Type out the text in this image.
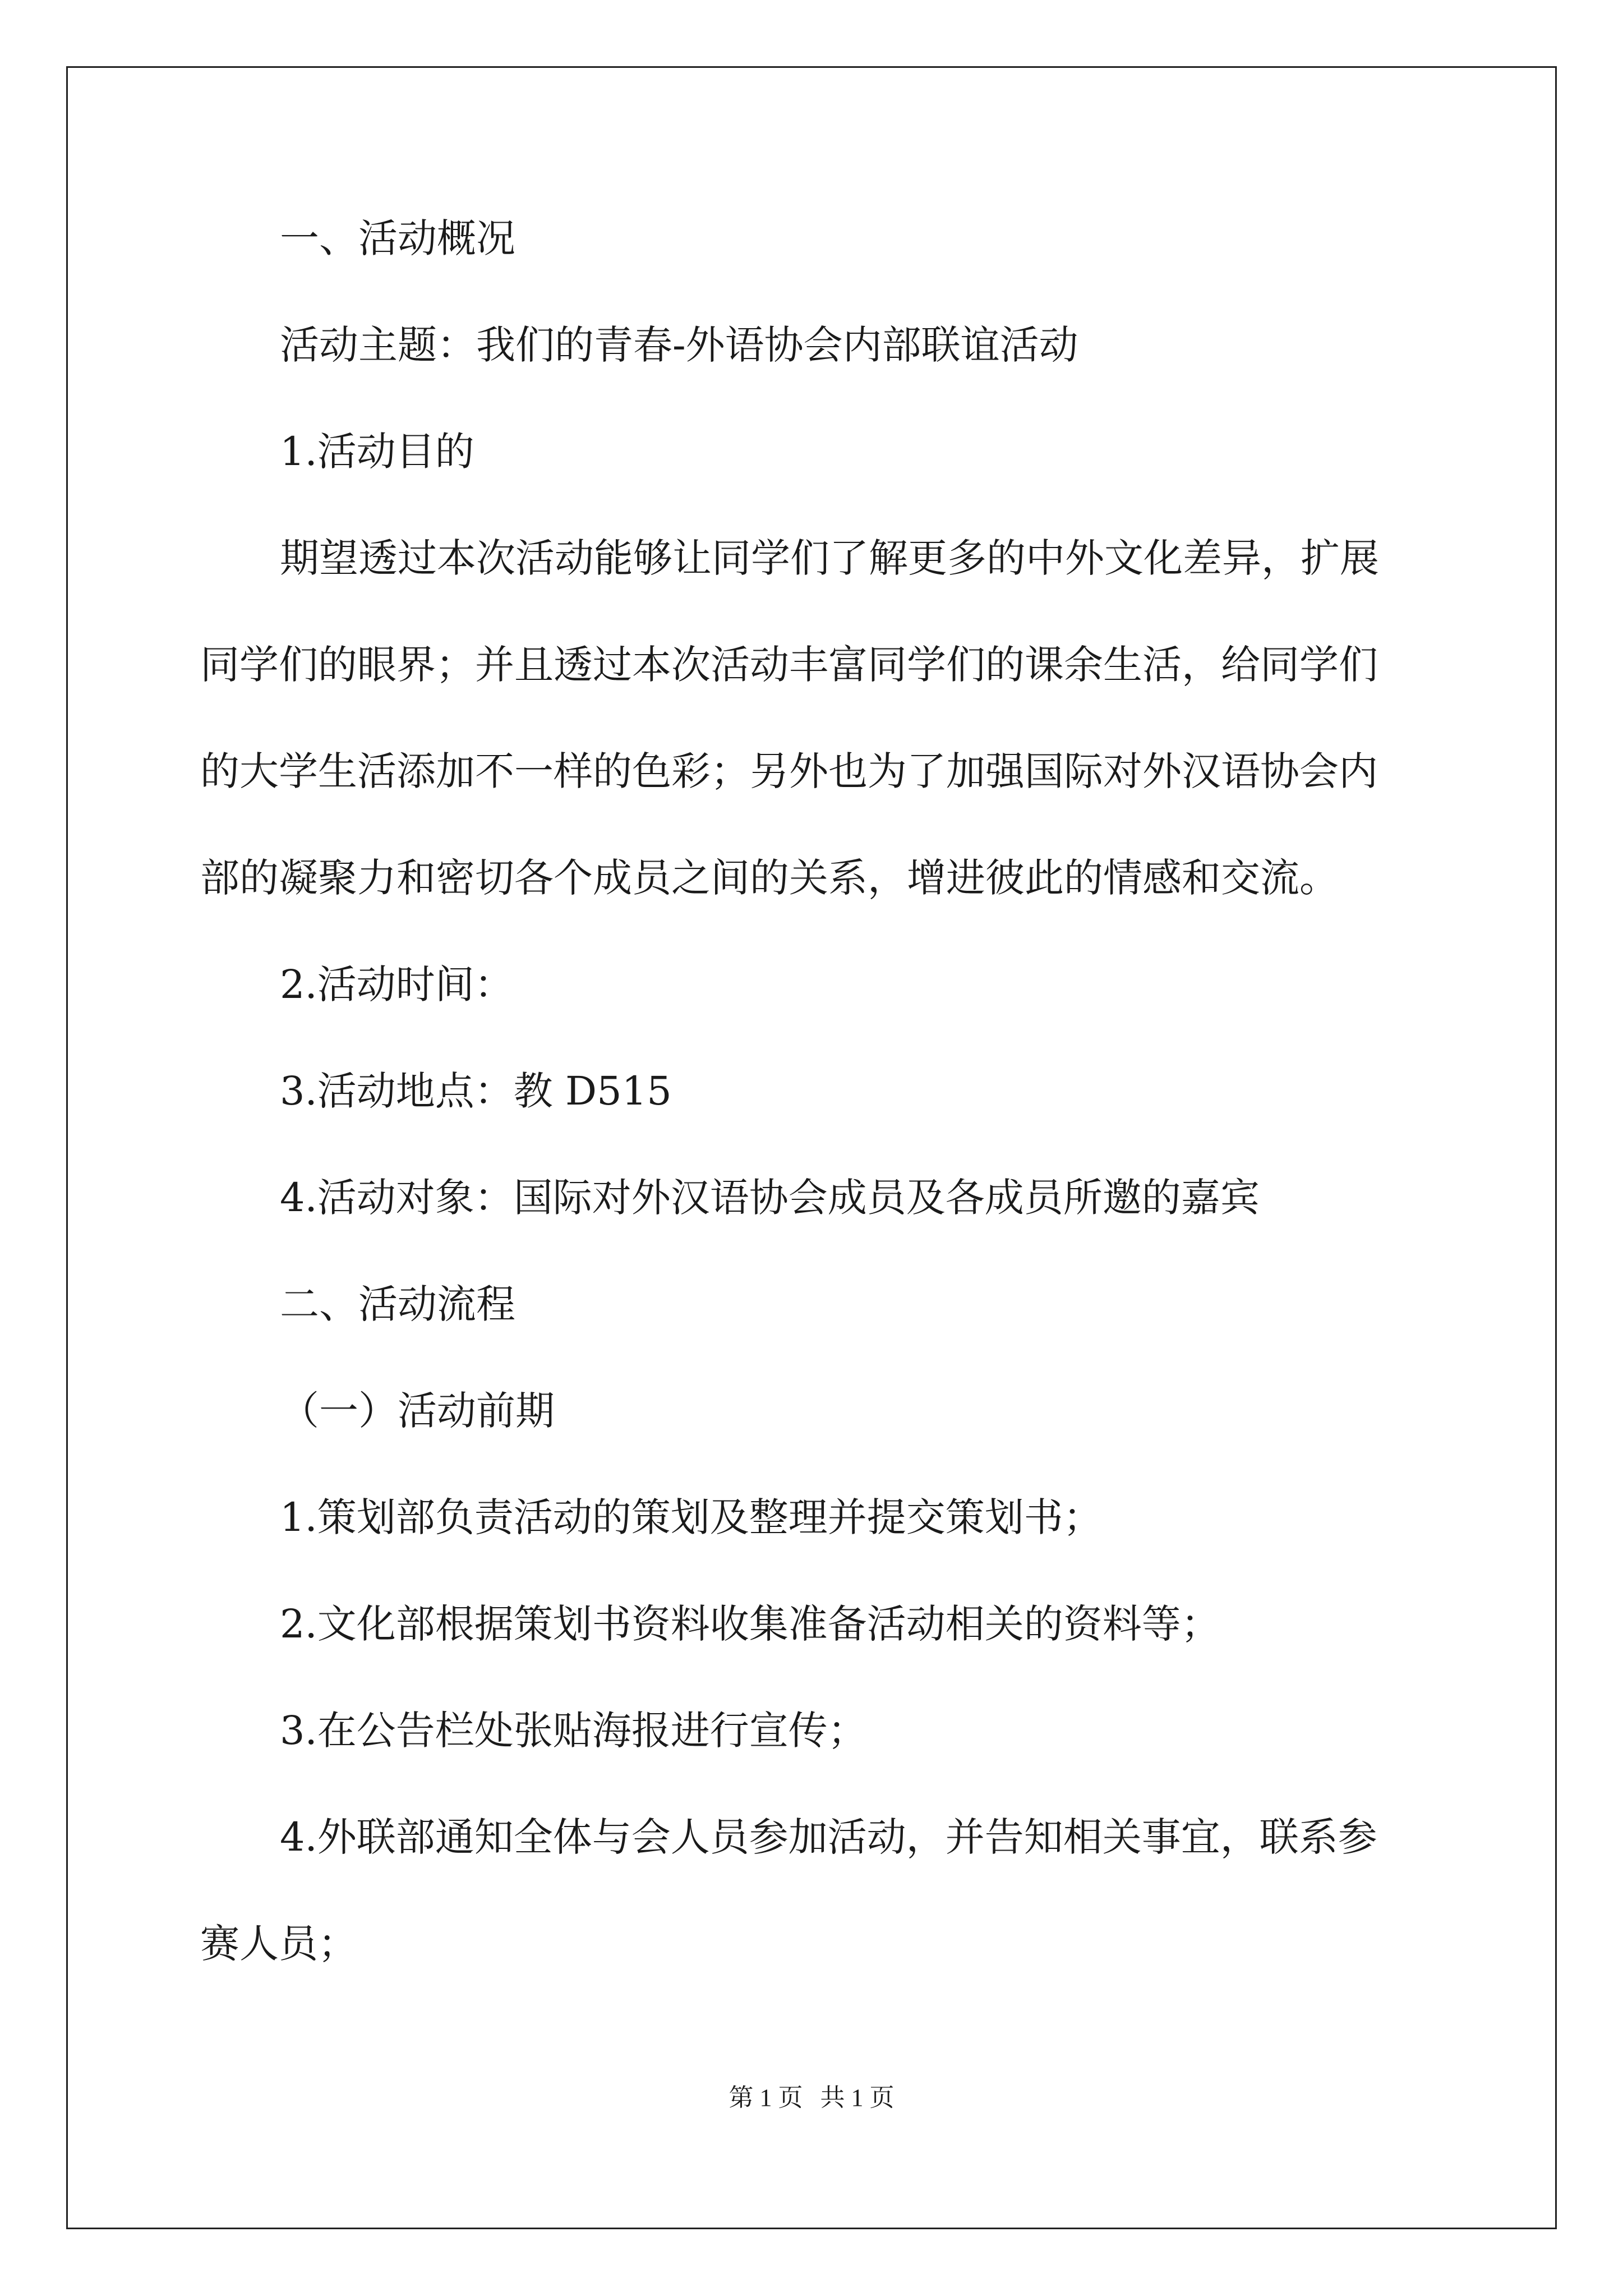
一、活动概况
活动主题：我们的青春-外语协会内部联谊活动
1.活动目的
期望透过本次活动能够让同学们了解更多的中外文化差异，扩展
同学们的眼界；并且透过本次活动丰富同学们的课余生活，给同学们
的大学生活添加不一样的色彩；另外也为了加强国际对外汉语协会内
部的凝聚力和密切各个成员之间的关系，增进彼此的情感和交流。
2.活动时间：
3.活动地点：教 D515
4.活动对象：国际对外汉语协会成员及各成员所邀的嘉宾
二、活动流程
（一）活动前期
1.策划部负责活动的策划及整理并提交策划书；
2.文化部根据策划书资料收集准备活动相关的资料等；
3.在公告栏处张贴海报进行宣传；
4.外联部通知全体与会人员参加活动，并告知相关事宜，联系参
赛人员；
第 1 页 共 1 页
